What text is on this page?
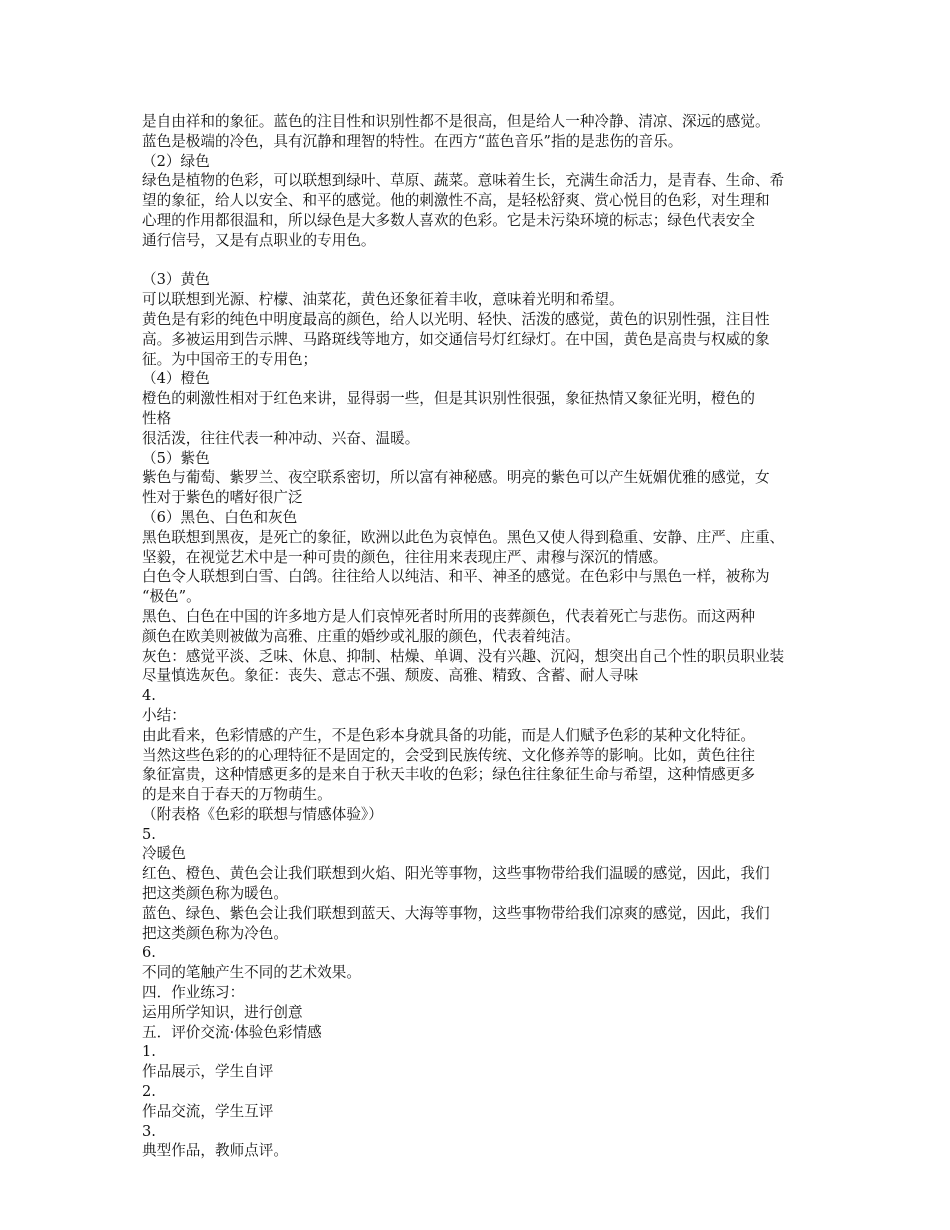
是自由祥和的象征。蓝色的注目性和识别性都不是很高，但是给人一种冷静、清凉、深远的感觉。
蓝色是极端的冷色，具有沉静和理智的特性。在西方“蓝色音乐”指的是悲伤的音乐。
（2）绿色
绿色是植物的色彩，可以联想到绿叶、草原、蔬菜。意味着生长，充满生命活力，是青春、生命、希
望的象征，给人以安全、和平的感觉。他的刺激性不高，是轻松舒爽、赏心悦目的色彩，对生理和
心理的作用都很温和，所以绿色是大多数人喜欢的色彩。它是未污染环境的标志；绿色代表安全
通行信号，又是有点职业的专用色。
（3）黄色
可以联想到光源、柠檬、油菜花，黄色还象征着丰收，意味着光明和希望。
黄色是有彩的纯色中明度最高的颜色，给人以光明、轻快、活泼的感觉，黄色的识别性强，注目性
高。多被运用到告示牌、马路斑线等地方，如交通信号灯红绿灯。在中国，黄色是高贵与权威的象
征。为中国帝王的专用色；
（4）橙色
橙色的刺激性相对于红色来讲，显得弱一些，但是其识别性很强，象征热情又象征光明，橙色的
性格
很活泼，往往代表一种冲动、兴奋、温暖。
（5）紫色
紫色与葡萄、紫罗兰、夜空联系密切，所以富有神秘感。明亮的紫色可以产生妩媚优雅的感觉，女
性对于紫色的嗜好很广泛
（6）黑色、白色和灰色
黑色联想到黑夜，是死亡的象征，欧洲以此色为哀悼色。黑色又使人得到稳重、安静、庄严、庄重、
坚毅，在视觉艺术中是一种可贵的颜色，往往用来表现庄严、肃穆与深沉的情感。
白色令人联想到白雪、白鸽。往往给人以纯洁、和平、神圣的感觉。在色彩中与黑色一样，被称为
“极色”。
黑色、白色在中国的许多地方是人们哀悼死者时所用的丧葬颜色，代表着死亡与悲伤。而这两种
颜色在欧美则被做为高雅、庄重的婚纱或礼服的颜色，代表着纯洁。
灰色：感觉平淡、乏味、休息、抑制、枯燥、单调、没有兴趣、沉闷，想突出自己个性的职员职业装
尽量慎选灰色。象征：丧失、意志不强、颓废、高雅、精致、含蓄、耐人寻味
4.
小结：
由此看来，色彩情感的产生，不是色彩本身就具备的功能，而是人们赋予色彩的某种文化特征。
当然这些色彩的的心理特征不是固定的，会受到民族传统、文化修养等的影响。比如，黄色往往
象征富贵，这种情感更多的是来自于秋天丰收的色彩；绿色往往象征生命与希望，这种情感更多
的是来自于春天的万物萌生。
（附表格《色彩的联想与情感体验》）
5.
冷暖色
红色、橙色、黄色会让我们联想到火焰、阳光等事物，这些事物带给我们温暖的感觉，因此，我们
把这类颜色称为暖色。
蓝色、绿色、紫色会让我们联想到蓝天、大海等事物，这些事物带给我们凉爽的感觉，因此，我们
把这类颜色称为冷色。
6.
不同的笔触产生不同的艺术效果。
四．作业练习：
运用所学知识，进行创意
五．评价交流·体验色彩情感
1.
作品展示，学生自评
2.
作品交流，学生互评
3.
典型作品，教师点评。
